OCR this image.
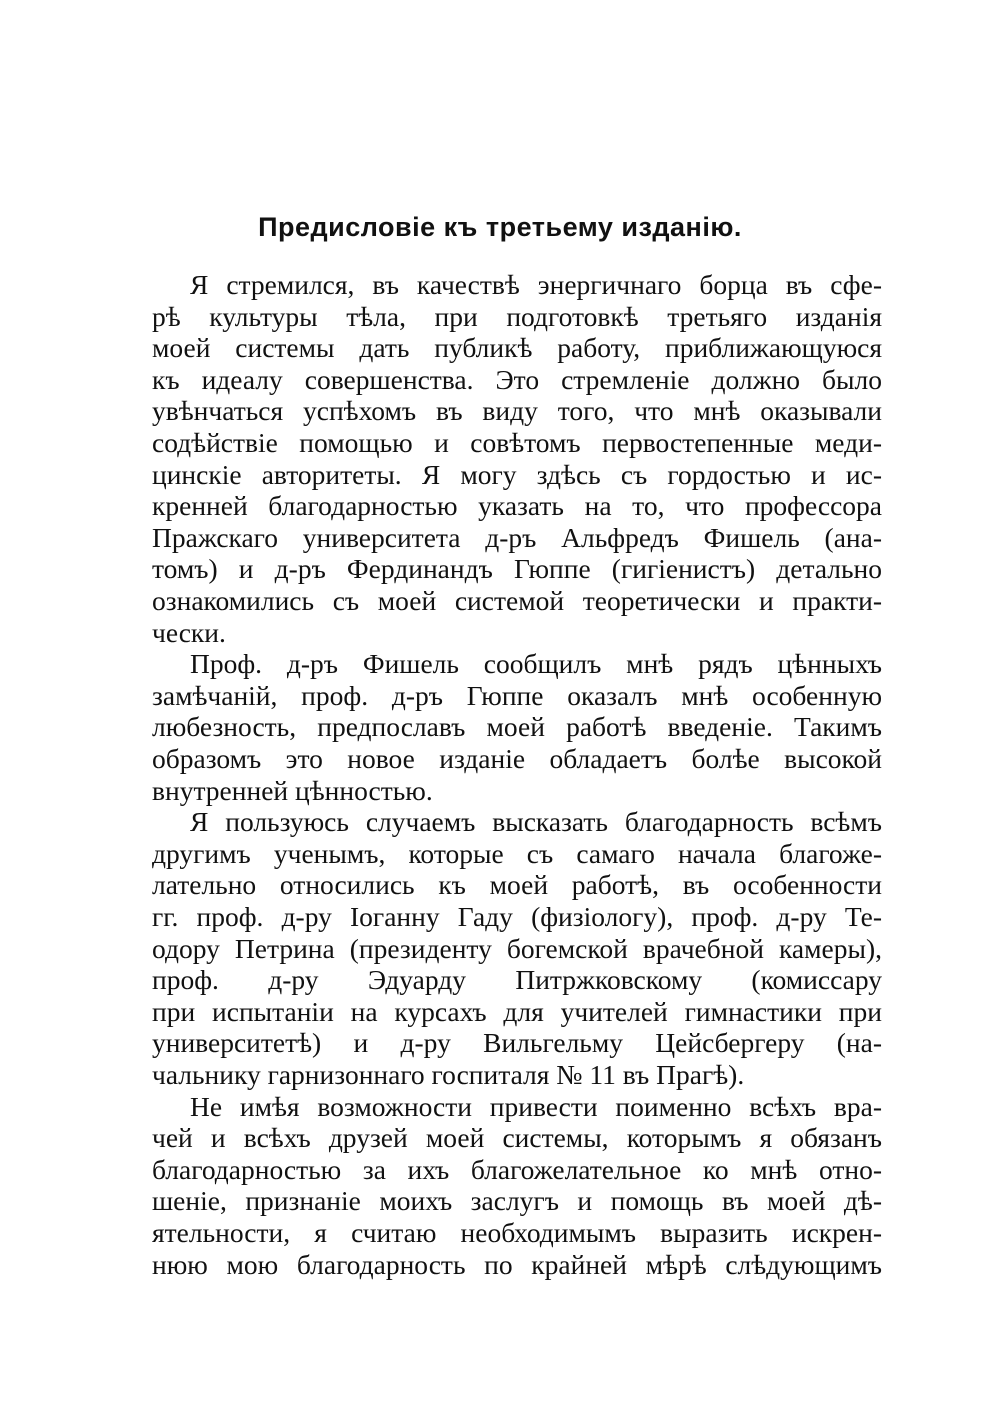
Предисловіе къ третьему изданію.
Я стремился, въ качествѣ энергичнаго борца въ сфе-
рѣ культуры тѣла, при подготовкѣ третьяго изданія
моей системы дать публикѣ работу, приближающуюся
къ идеалу совершенства. Это стремленіе должно было
увѣнчаться успѣхомъ въ виду того, что мнѣ оказывали
содѣйствіе помощью и совѣтомъ первостепенные меди-
цинскіе авторитеты. Я могу здѣсь съ гордостью и ис-
кренней благодарностью указать на то, что профессора
Пражскаго университета д-ръ Альфредъ Фишель (ана-
томъ) и д-ръ Фердинандъ Гюппе (гигіенистъ) детально
ознакомились съ моей системой теоретически и практи-
чески.
Проф. д-ръ Фишель сообщилъ мнѣ рядъ цѣнныхъ
замѣчаній, проф. д-ръ Гюппе оказалъ мнѣ особенную
любезность, предпославъ моей работѣ введеніе. Такимъ
образомъ это новое изданіе обладаетъ болѣе высокой
внутренней цѣнностью.
Я пользуюсь случаемъ высказать благодарность всѣмъ
другимъ ученымъ, которые съ самаго начала благоже-
лательно относились къ моей работѣ, въ особенности
гг. проф. д-ру Іоганну Гаду (физіологу), проф. д-ру Те-
одору Петрина (президенту богемской врачебной камеры),
проф. д-ру Эдуарду Питржковскому (комиссару
при испытаніи на курсахъ для учителей гимнастики при
университетѣ) и д-ру Вильгельму Цейсбергеру (на-
чальнику гарнизоннаго госпиталя № 11 въ Прагѣ).
Не имѣя возможности привести поименно всѣхъ вра-
чей и всѣхъ друзей моей системы, которымъ я обязанъ
благодарностью за ихъ благожелательное ко мнѣ отно-
шеніе, признаніе моихъ заслугъ и помощь въ моей дѣ-
ятельности, я считаю необходимымъ выразить искрен-
нюю мою благодарность по крайней мѣрѣ слѣдующимъ
